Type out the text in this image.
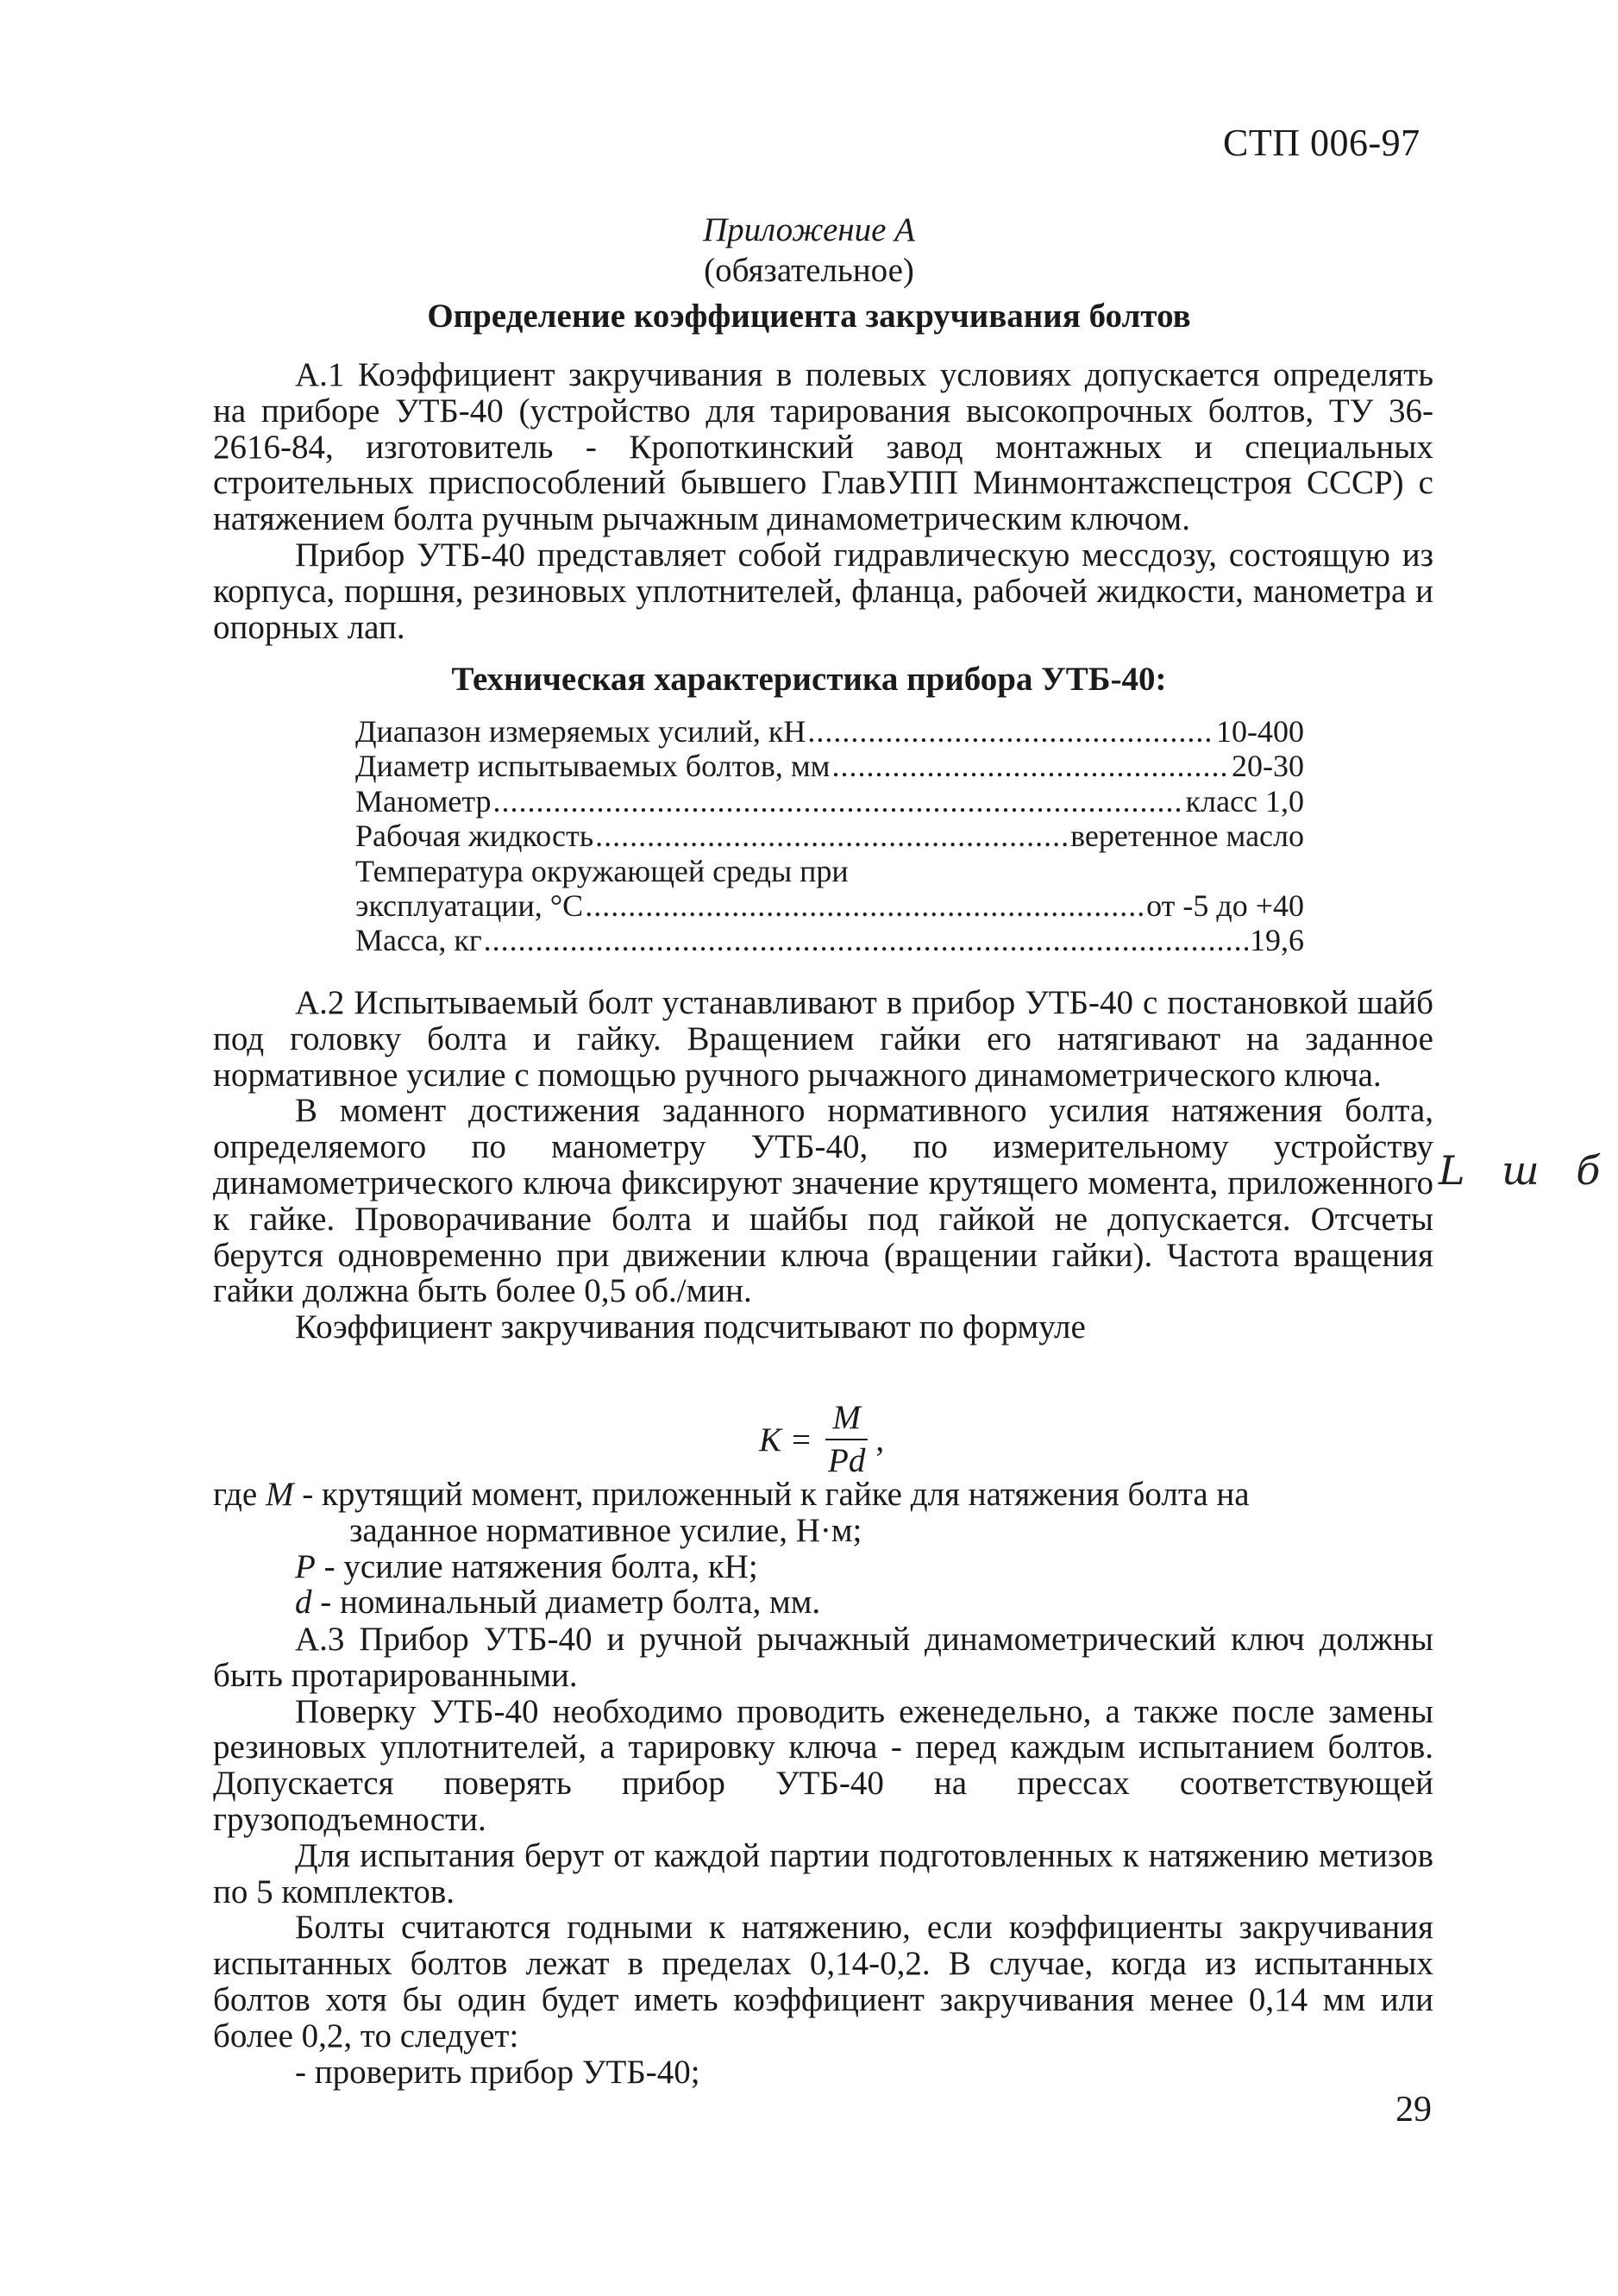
СТП 006-97
Приложение А
(обязательное)
Определение коэффициента закручивания болтов

А.1 Коэффициент закручивания в полевых условиях допускается определять на приборе УТБ-40 (устройство для тарирования высокопрочных болтов, ТУ 36-2616-84, изготовитель - Кропоткинский завод монтажных и специальных строительных приспособлений бывшего ГлавУПП Минмонтажспецстроя СССР) с натяжением болта ручным рычажным динамометрическим ключом.

Прибор УТБ-40 представляет собой гидравлическую мессдозу, состоящую из корпуса, поршня, резиновых уплотнителей, фланца, рабочей жидкости, манометра и опорных лап.

Техническая характеристика прибора УТБ-40:
Диапазон измеряемых усилий, кН .....	10-400
Диаметр испытываемых болтов, мм .....	20-30
Манометр .....	класс 1,0
Рабочая жидкость .....	веретенное масло
Температура окружающей среды при
эксплуатации, °С .....	от -5 до +40
Масса, кг .....	19,6

А.2 Испытываемый болт устанавливают в прибор УТБ-40 с постановкой шайб под головку болта и гайку. Вращением гайки его натягивают на заданное нормативное усилие с помощью ручного рычажного динамометрического ключа.

В момент достижения заданного нормативного усилия натяжения болта, определяемого по манометру УТБ-40, по измерительному устройству динамометрического ключа фиксируют значение крутящего момента, приложенного к гайке. Проворачивание болта и шайбы под гайкой не допускается. Отсчеты берутся одновременно при движении ключа (вращении гайки). Частота вращения гайки должна быть более 0,5 об./мин.

Коэффициент закручивания подсчитывают по формуле

$K = \frac{M}{Pd}$ ,

где M - крутящий момент, приложенный к гайке для натяжения болта на

заданное нормативное усилие, Н·м;

P - усилие натяжения болта, кН;

d - номинальный диаметр болта, мм.

А.3 Прибор УТБ-40 и ручной рычажный динамометрический ключ должны быть протарированными.

Поверку УТБ-40 необходимо проводить еженедельно, а также после замены резиновых уплотнителей, а тарировку ключа - перед каждым испытанием болтов. Допускается поверять прибор УТБ-40 на прессах соответствующей грузоподъемности.

Для испытания берут от каждой партии подготовленных к натяжению метизов по 5 комплектов.

Болты считаются годными к натяжению, если коэффициенты закручивания испытанных болтов лежат в пределах 0,14-0,2. В случае, когда из испытанных болтов хотя бы один будет иметь коэффициент закручивания менее 0,14 мм или более 0,2, то следует:

- проверить прибор УТБ-40;

L ш б
29
